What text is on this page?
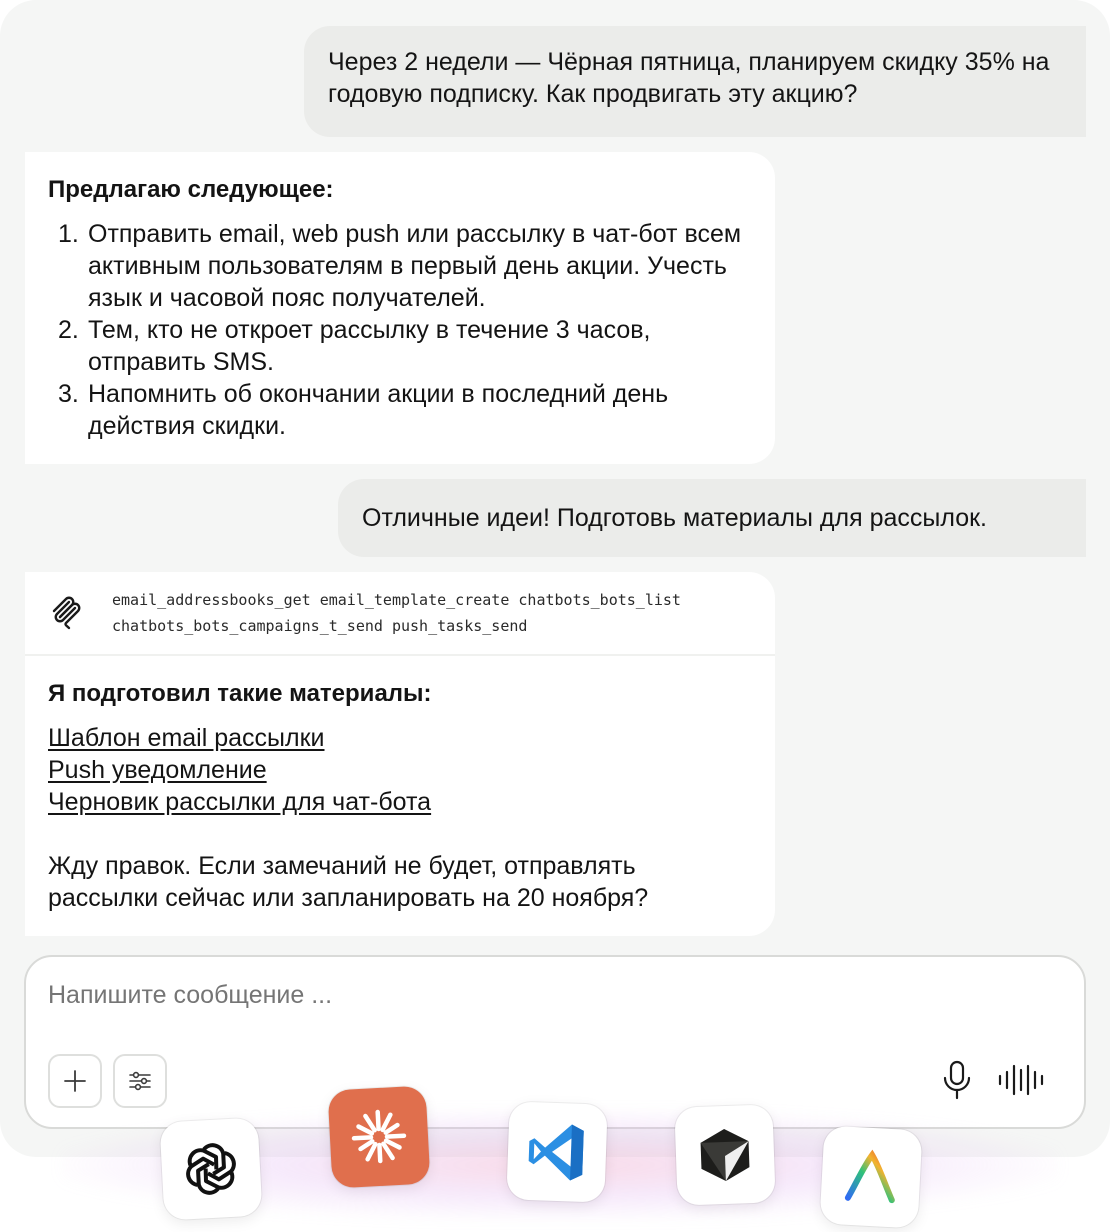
Через 2 недели — Чёрная пятница, планируем скидку 35% на годовую подписку. Как продвигать эту акцию?
Предлагаю следующее:
1. Отправить email, web push или рассылку в чат-бот всем активным пользователям в первый день акции. Учесть язык и часовой пояс получателей.
2. Тем, кто не откроет рассылку в течение 3 часов, отправить SMS.
3. Напомнить об окончании акции в последний день действия скидки.
Отличные идеи! Подготовь материалы для рассылок.
email_addressbooks_get email_template_create chatbots_bots_list
chatbots_bots_campaigns_t_send push_tasks_send
Я подготовил такие материалы:
Шаблон email рассылки
Push уведомление
Черновик рассылки для чат-бота
Жду правок. Если замечаний не будет, отправлять рассылки сейчас или запланировать на 20 ноября?
Напишите сообщение ...
